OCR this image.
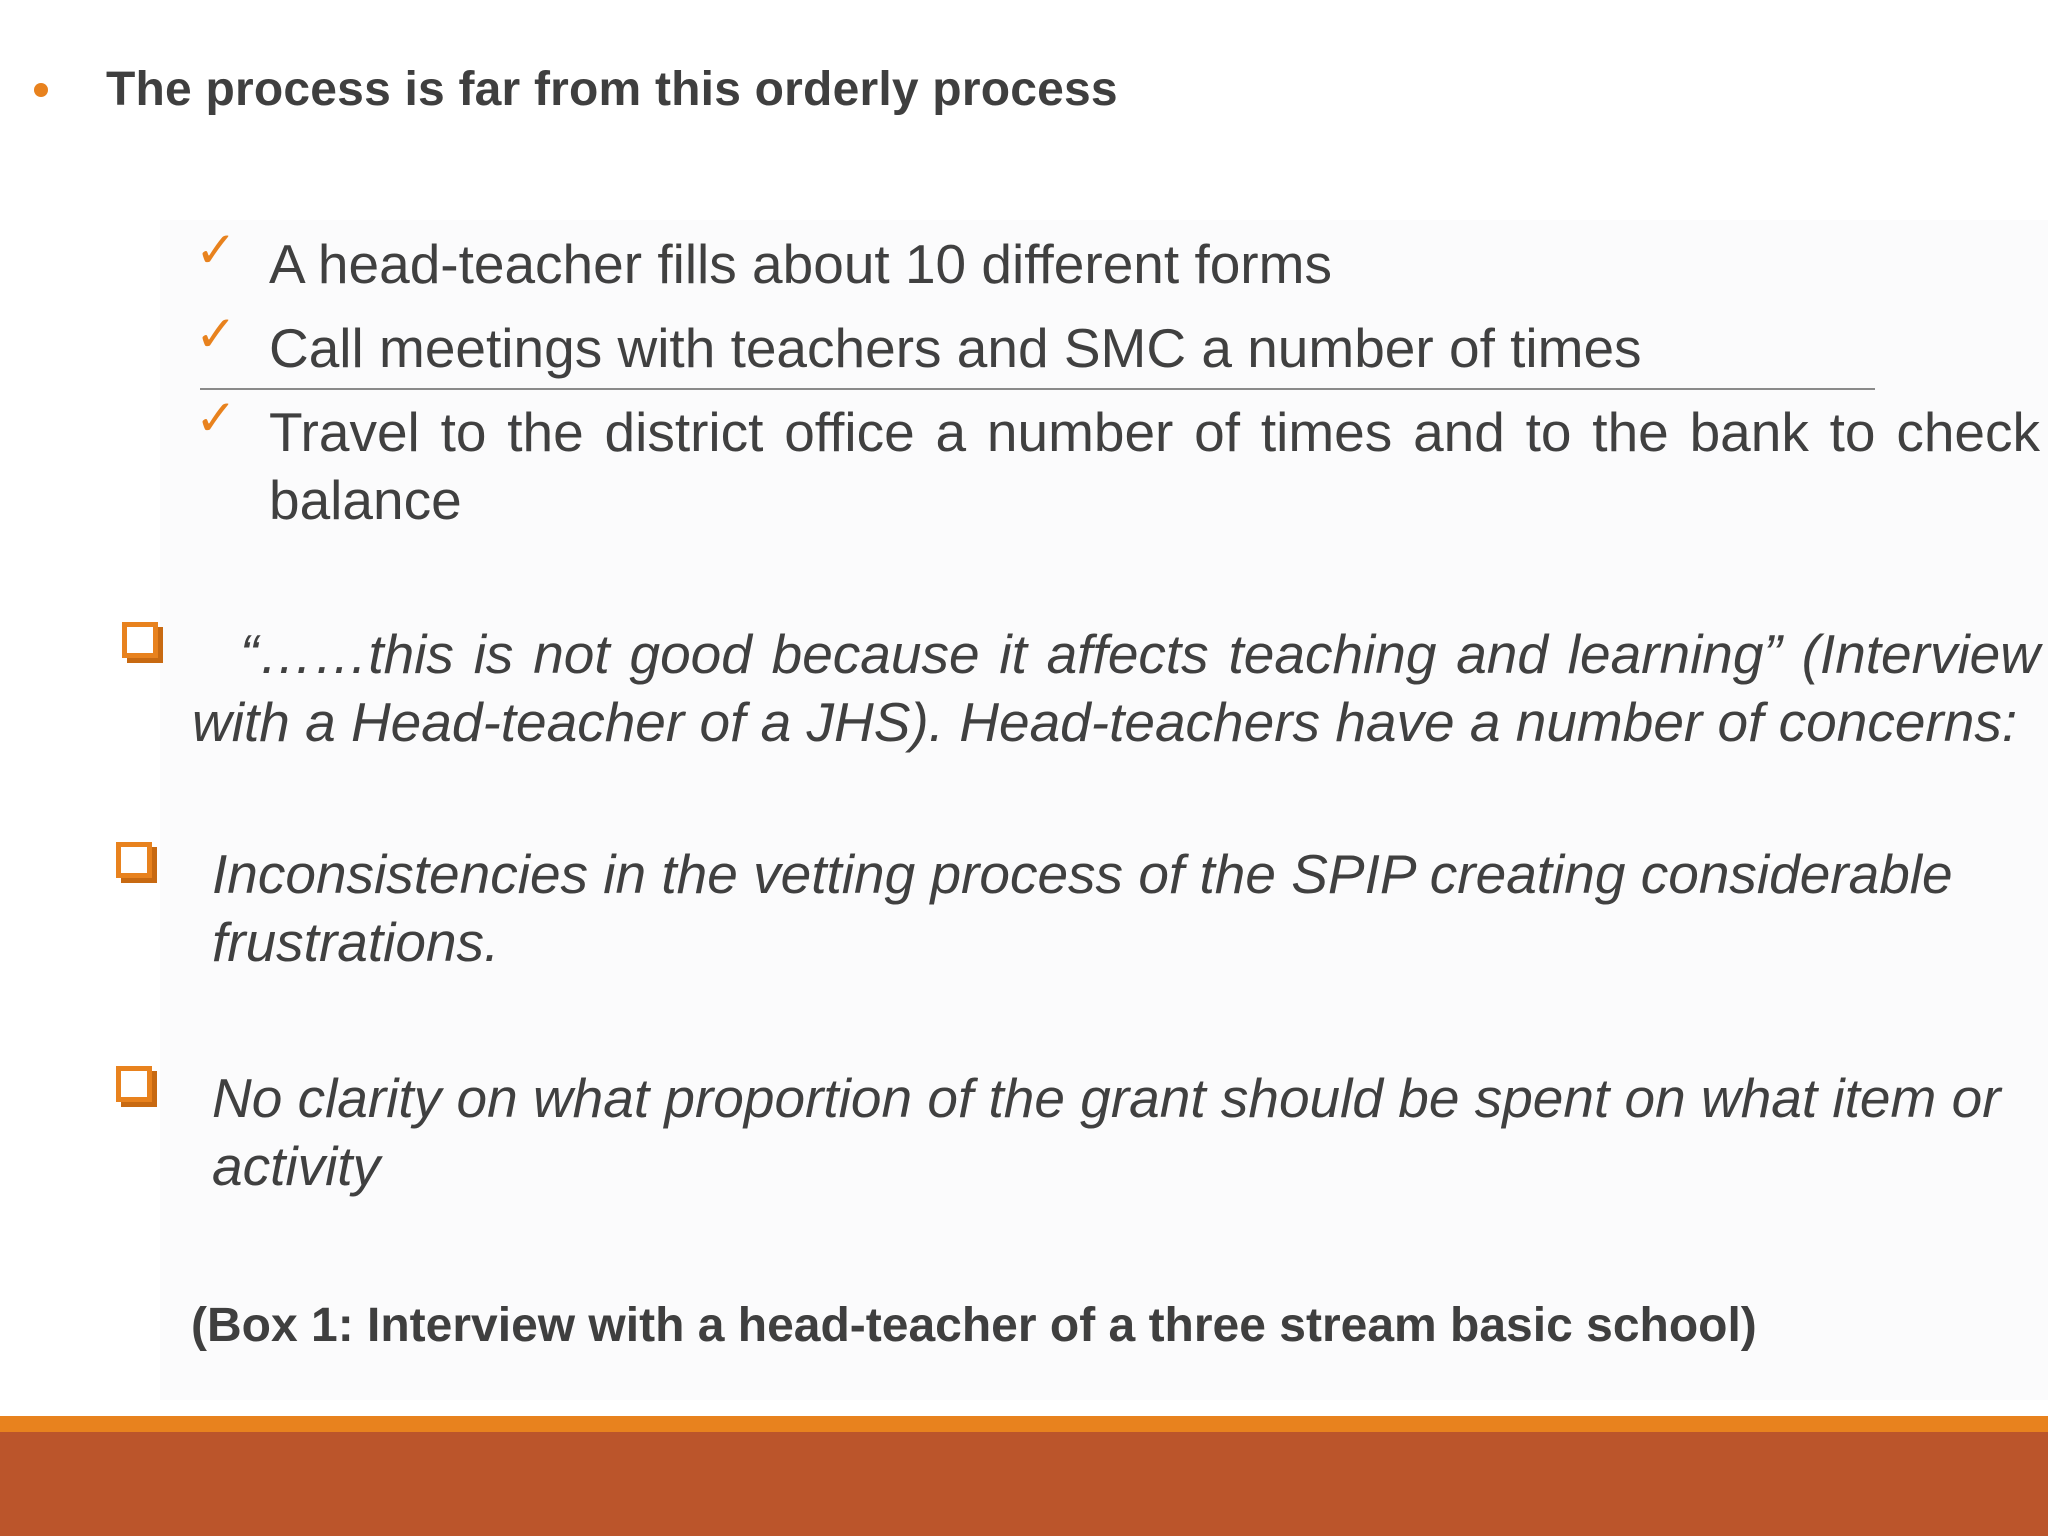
The process is far from this orderly process
✓ A head-teacher fills about 10 different forms
✓ Call meetings with teachers and SMC a number of times
✓ Travel to the district office a number of times and to the bank to check balance
“……this is not good because it affects teaching and learning” (Interview with a Head-teacher of a JHS). Head-teachers have a number of concerns:
Inconsistencies in the vetting process of the SPIP creating considerable frustrations.
No clarity on what proportion of the grant should be spent on what item or activity
(Box 1: Interview with a head-teacher of a three stream basic school)
